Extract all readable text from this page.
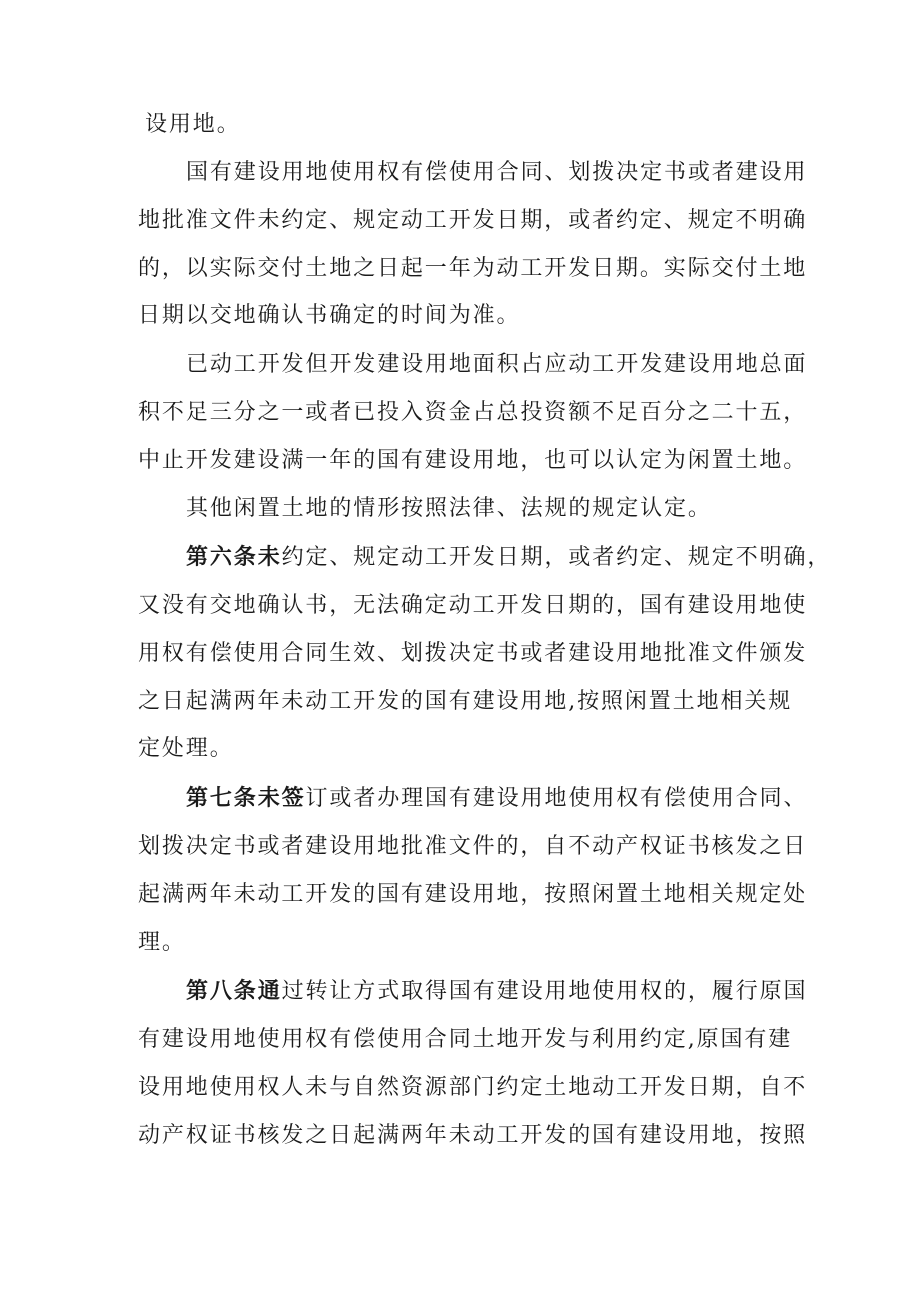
设用地。
国有建设用地使用权有偿使用合同、划拨决定书或者建设用
地批准文件未约定、规定动工开发日期，或者约定、规定不明确
的，以实际交付土地之日起一年为动工开发日期。实际交付土地
日期以交地确认书确定的时间为准。
已动工开发但开发建设用地面积占应动工开发建设用地总面
积不足三分之一或者已投入资金占总投资额不足百分之二十五，
中止开发建设满一年的国有建设用地，也可以认定为闲置土地。
其他闲置土地的情形按照法律、法规的规定认定。
第六条未约定、规定动工开发日期，或者约定、规定不明确，
又没有交地确认书，无法确定动工开发日期的，国有建设用地使
用权有偿使用合同生效、划拨决定书或者建设用地批准文件颁发
之日起满两年未动工开发的国有建设用地,按照闲置土地相关规
定处理。
第七条未签订或者办理国有建设用地使用权有偿使用合同、
划拨决定书或者建设用地批准文件的，自不动产权证书核发之日
起满两年未动工开发的国有建设用地，按照闲置土地相关规定处
理。
第八条通过转让方式取得国有建设用地使用权的，履行原国
有建设用地使用权有偿使用合同土地开发与利用约定,原国有建
设用地使用权人未与自然资源部门约定土地动工开发日期，自不
动产权证书核发之日起满两年未动工开发的国有建设用地，按照
